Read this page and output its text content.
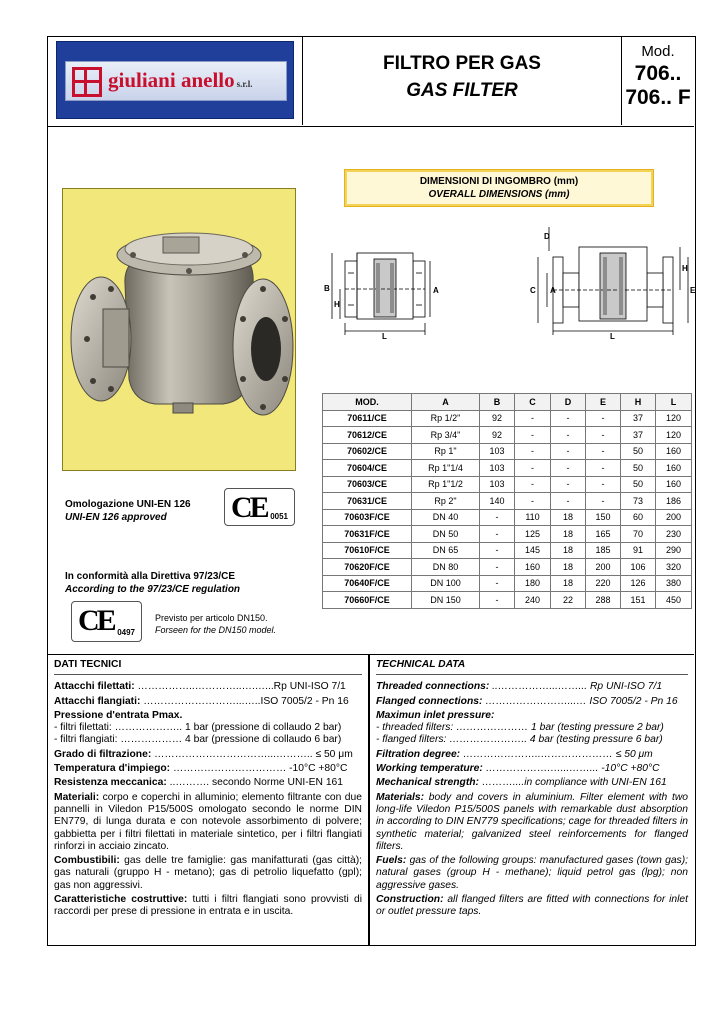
giuliani anello s.r.l.
FILTRO PER GAS
GAS FILTER
Mod.
706..
706.. F
DIMENSIONI DI INGOMBRO (mm)
OVERALL DIMENSIONS (mm)
B
H
A
L
D
C A
H
E
L
MOD.	A	B	C	D	E	H	L
70611/CE	Rp 1/2"	92	-	-	-	37	120
70612/CE	Rp 3/4"	92	-	-	-	37	120
70602/CE	Rp 1"	103	-	-	-	50	160
70604/CE	Rp 1"1/4	103	-	-	-	50	160
70603/CE	Rp 1"1/2	103	-	-	-	50	160
70631/CE	Rp 2"	140	-	-	-	73	186
70603F/CE	DN 40	-	110	18	150	60	200
70631F/CE	DN 50	-	125	18	165	70	230
70610F/CE	DN 65	-	145	18	185	91	290
70620F/CE	DN 80	-	160	18	200	106	320
70640F/CE	DN 100	-	180	18	220	126	380
70660F/CE	DN 150	-	240	22	288	151	450
Omologazione UNI-EN 126
UNI-EN 126 approved	CE 0051
In conformità alla Direttiva 97/23/CE
According to the 97/23/CE regulation
CE 0497
Previsto per articolo DN150.
Forseen for the DN150 model.
DATI TECNICI

Attacchi filettati: ……………..…………..….…...Rp UNI-ISO 7/1

Attacchi flangiati: ………………………...…..ISO 7005/2 - Pn 16

Pressione d'entrata Pmax.

- filtri filettati: ……………….. 1 bar (pressione di collaudo 2 bar)

- filtri flangiati: ……………… 4 bar (pressione di collaudo 6 bar)

Grado di filtrazione: ……………………………...……….. ≤ 50 μm

Temperatura d'impiego: …………………………… -10°C +80°C

Resistenza meccanica: ..………. secondo Norme UNI-EN 161

Materiali: corpo e coperchi in alluminio; elemento filtrante con due pannelli in Viledon P15/500S omologato secondo le norme DIN EN779, di lunga durata e con notevole assorbimento di polvere; gabbietta per i filtri filettati in materiale sintetico, per i filtri flangiati rinforzi in acciaio zincato.

Combustibili: gas delle tre famiglie: gas manifatturati (gas città); gas naturali (gruppo H - metano); gas di petrolio liquefatto (gpl); gas non aggressivi.

Caratteristiche costruttive: tutti i filtri flangiati sono provvisti di raccordi per prese di pressione in entrata e in uscita.

TECHNICAL DATA

Threaded connections: ..……………...……... Rp UNI-ISO 7/1

Flanged connections: ……………………...… ISO 7005/2 - Pn 16

Maximun inlet pressure:

- threaded filters: ………………… 1 bar (testing pressure 2 bar)

- flanged filters: ………………….. 4 bar (testing pressure 6 bar)

Filtration degree: …………………..………………… ≤ 50 μm

Working temperature: ……………….…...……... -10°C +80°C

Mechanical strength: ………....in compliance with UNI-EN 161

Materials: body and covers in aluminium. Filter element with two long-life Viledon P15/500S panels with remarkable dust absorption in according to DIN EN779 specifications; cage for threaded filters in synthetic material; galvanized steel reinforcements for flanged filters.

Fuels: gas of the following groups: manufactured gases (town gas); natural gases (group H - methane); liquid petrol gas (lpg); non aggressive gases.

Construction: all flanged filters are fitted with connections for inlet or outlet pressure taps.
